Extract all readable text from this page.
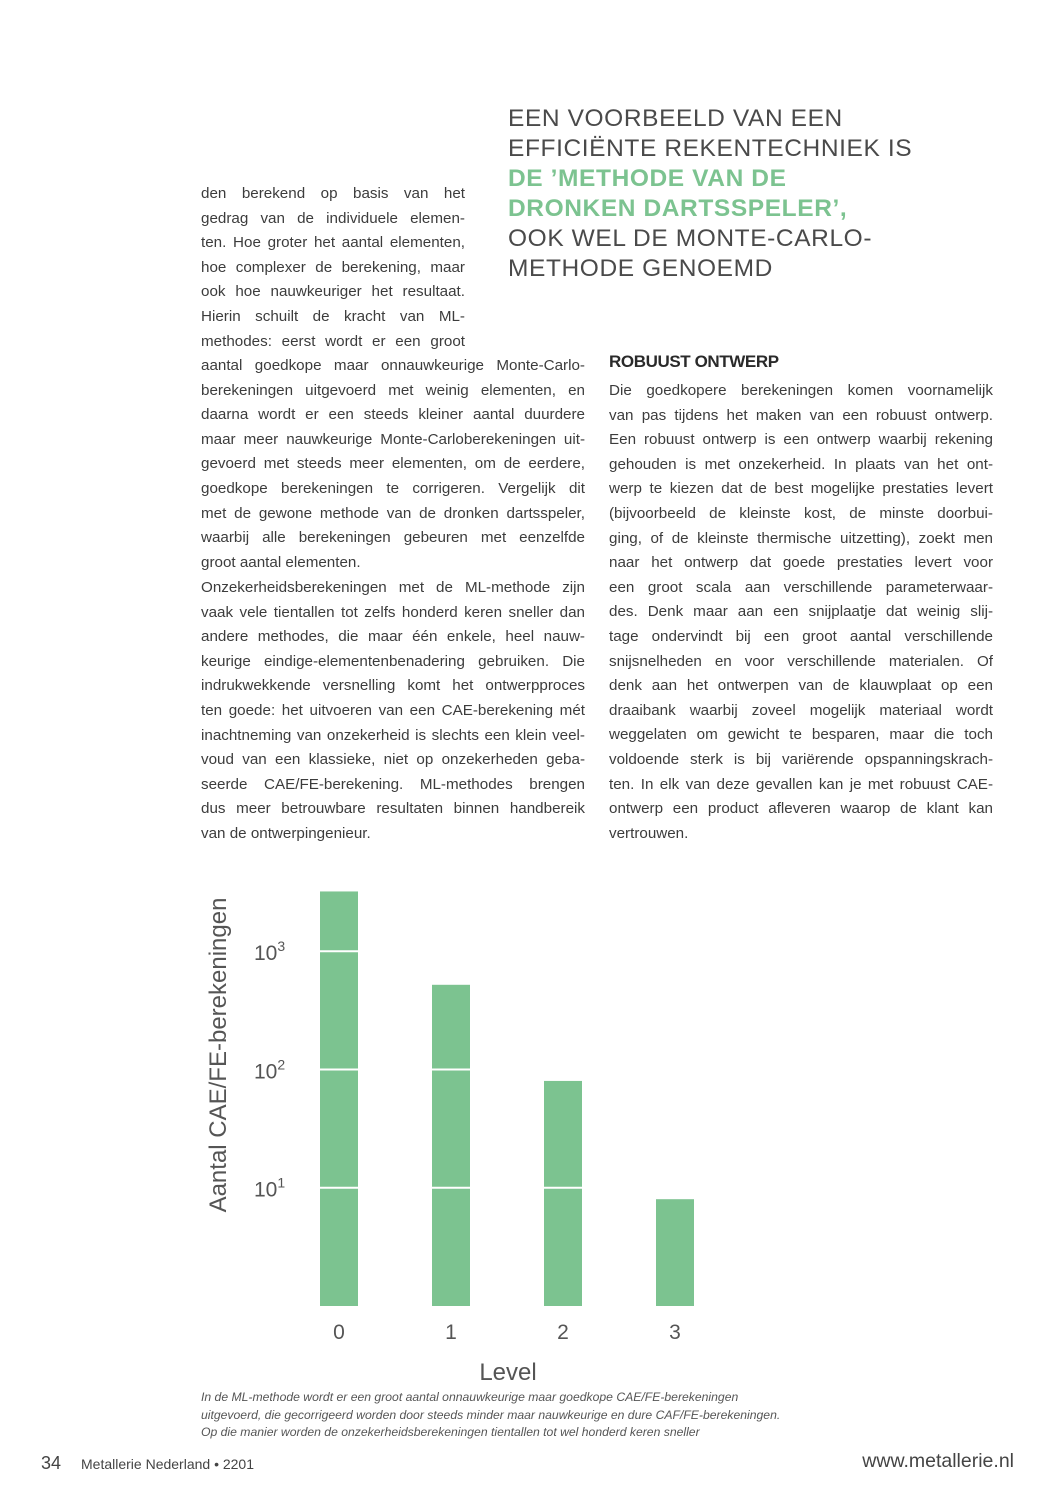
EEN VOORBEELD VAN EEN
EFFICIËNTE REKENTECHNIEK IS
DE ’METHODE VAN DE
DRONKEN DARTSSPELER’,
OOK WEL DE MONTE-CARLO-
METHODE GENOEMD
den berekend op basis van het
gedrag van de individuele elemen-
ten. Hoe groter het aantal elementen,
hoe complexer de berekening, maar
ook hoe nauwkeuriger het resultaat.
Hierin schuilt de kracht van ML-
methodes: eerst wordt er een groot
aantal goedkope maar onnauwkeurige Monte-Carlo-
berekeningen uitgevoerd met weinig elementen, en
daarna wordt er een steeds kleiner aantal duurdere
maar meer nauwkeurige Monte-Carloberekeningen uit-
gevoerd met steeds meer elementen, om de eerdere,
goedkope berekeningen te corrigeren. Vergelijk dit
met de gewone methode van de dronken dartsspeler,
waarbij alle berekeningen gebeuren met eenzelfde
groot aantal elementen.
Onzekerheidsberekeningen met de ML-methode zijn
vaak vele tientallen tot zelfs honderd keren sneller dan
andere methodes, die maar één enkele, heel nauw-
keurige eindige-elementenbenadering gebruiken. Die
indrukwekkende versnelling komt het ontwerpproces
ten goede: het uitvoeren van een CAE-berekening mét
inachtneming van onzekerheid is slechts een klein veel-
voud van een klassieke, niet op onzekerheden geba-
seerde CAE/FE-berekening. ML-methodes brengen
dus meer betrouwbare resultaten binnen handbereik
van de ontwerpingenieur.
ROBUUST ONTWERP
Die goedkopere berekeningen komen voornamelijk
van pas tijdens het maken van een robuust ontwerp.
Een robuust ontwerp is een ontwerp waarbij rekening
gehouden is met onzekerheid. In plaats van het ont-
werp te kiezen dat de best mogelijke prestaties levert
(bijvoorbeeld de kleinste kost, de minste doorbui-
ging, of de kleinste thermische uitzetting), zoekt men
naar het ontwerp dat goede prestaties levert voor
een groot scala aan verschillende parameterwaar-
des. Denk maar aan een snijplaatje dat weinig slij-
tage ondervindt bij een groot aantal verschillende
snijsnelheden en voor verschillende materialen. Of
denk aan het ontwerpen van de klauwplaat op een
draaibank waarbij zoveel mogelijk materiaal wordt
weggelaten om gewicht te besparen, maar die toch
voldoende sterk is bij variërende opspanningskrach-
ten. In elk van deze gevallen kan je met robuust CAE-
ontwerp een product afleveren waarop de klant kan
vertrouwen.
0	1	2	3
$10^1$
$10^2$
$10^3$
Aantal CAE/FE-berekeningen
Level
In de ML-methode wordt er een groot aantal onnauwkeurige maar goedkope CAE/FE-berekeningen
uitgevoerd, die gecorrigeerd worden door steeds minder maar nauwkeurige en dure CAF/FE-berekeningen.
Op die manier worden de onzekerheidsberekeningen tientallen tot wel honderd keren sneller
34 Metallerie Nederland • 2201	www.metallerie.nl
